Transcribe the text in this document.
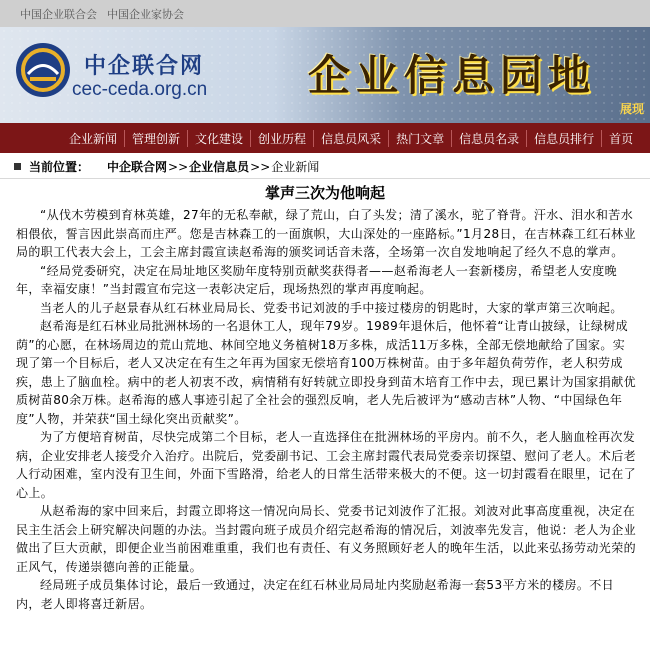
中国企业联合会 中国企业家协会
中企联合网
cec-ceda.org.cn 企业信息园地
展现
企业新闻	管理创新	文化建设	创业历程	信息员风采	热门文章	信息员名录	信息员排行	首页
当前位置： 中企联合网 >> 企业信息员 >> 企业新闻
掌声三次为他响起

“从伐木劳模到育林英雄，27年的无私奉献，绿了荒山，白了头发；清了溪水，驼了脊背。汗水、泪水和苦水相偎依，誓言因此崇高而庄严。您是吉林森工的一面旗帜，大山深处的一座路标。”1月28日，在吉林森工红石林业局的职工代表大会上，工会主席封霞宣读赵希海的颁奖词话音未落，全场第一次自发地响起了经久不息的掌声。

“经局党委研究，决定在局址地区奖励年度特别贡献奖获得者——赵希海老人一套新楼房，希望老人安度晚年，幸福安康！”当封霞宣布完这一表彰决定后，现场热烈的掌声再度响起。

当老人的儿子赵景春从红石林业局局长、党委书记刘波的手中接过楼房的钥匙时，大家的掌声第三次响起。

赵希海是红石林业局批洲林场的一名退休工人，现年79岁。1989年退休后，他怀着“让青山披绿，让绿树成荫”的心愿，在林场周边的荒山荒地、林间空地义务植树18万多株，成活11万多株，全部无偿地献给了国家。实现了第一个目标后，老人又决定在有生之年再为国家无偿培育100万株树苗。由于多年超负荷劳作，老人积劳成疾，患上了脑血栓。病中的老人初衷不改，病情稍有好转就立即投身到苗木培育工作中去，现已累计为国家捐献优质树苗80余万株。赵希海的感人事迹引起了全社会的强烈反响，老人先后被评为“感动吉林”人物、“中国绿色年度”人物，并荣获“国土绿化突出贡献奖”。

为了方便培育树苗，尽快完成第二个目标，老人一直选择住在批洲林场的平房内。前不久，老人脑血栓再次发病，企业安排老人接受介入治疗。出院后，党委副书记、工会主席封霞代表局党委亲切探望、慰问了老人。术后老人行动困难，室内没有卫生间，外面下雪路滑，给老人的日常生活带来极大的不便。这一切封霞看在眼里，记在了心上。

从赵希海的家中回来后，封霞立即将这一情况向局长、党委书记刘波作了汇报。刘波对此事高度重视，决定在民主生活会上研究解决问题的办法。当封霞向班子成员介绍完赵希海的情况后，刘波率先发言，他说：老人为企业做出了巨大贡献，即便企业当前困难重重，我们也有责任、有义务照顾好老人的晚年生活，以此来弘扬劳动光荣的正风气，传递崇德向善的正能量。

经局班子成员集体讨论，最后一致通过，决定在红石林业局局址内奖励赵希海一套53平方米的楼房。不日内，老人即将喜迁新居。
